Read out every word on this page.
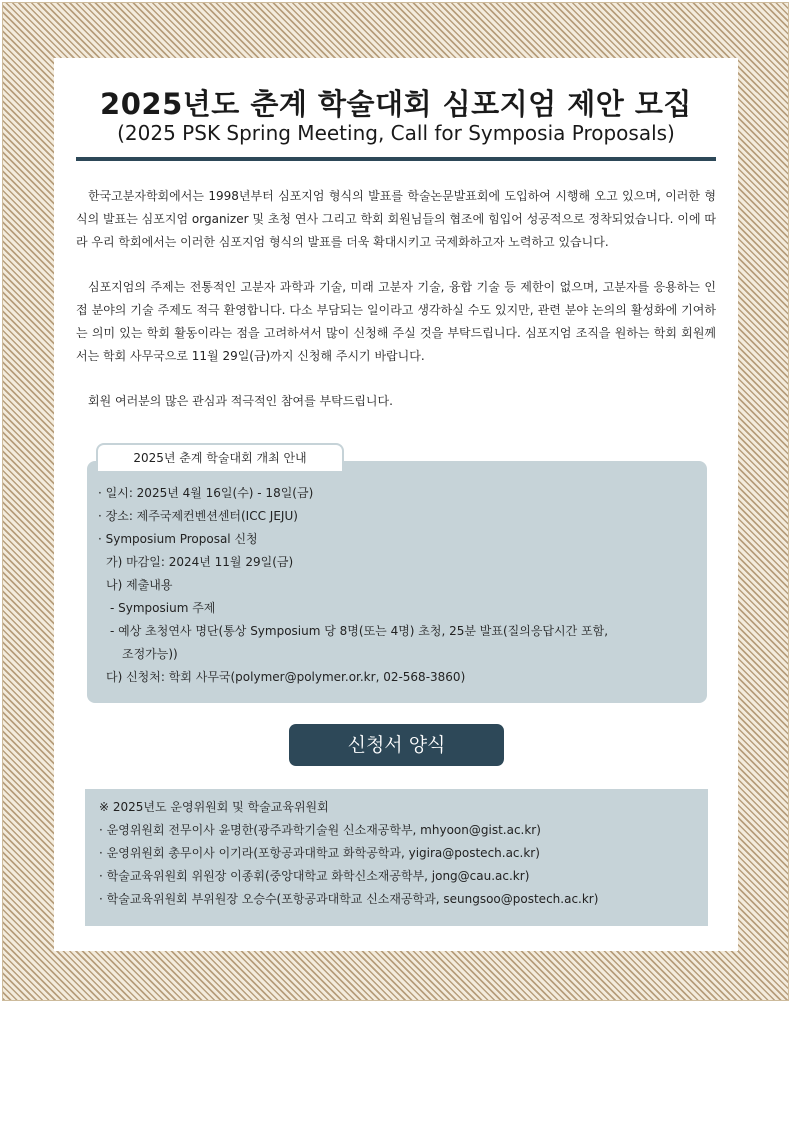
2025년도 춘계 학술대회 심포지엄 제안 모집
(2025 PSK Spring Meeting, Call for Symposia Proposals)

한국고분자학회에서는 1998년부터 심포지엄 형식의 발표를 학술논문발표회에 도입하여 시행해 오고 있으며, 이러한 형식의 발표는 심포지엄 organizer 및 초청 연사 그리고 학회 회원님들의 협조에 힘입어 성공적으로 정착되었습니다. 이에 따라 우리 학회에서는 이러한 심포지엄 형식의 발표를 더욱 확대시키고 국제화하고자 노력하고 있습니다.

심포지엄의 주제는 전통적인 고분자 과학과 기술, 미래 고분자 기술, 융합 기술 등 제한이 없으며, 고분자를 응용하는 인접 분야의 기술 주제도 적극 환영합니다. 다소 부담되는 일이라고 생각하실 수도 있지만, 관련 분야 논의의 활성화에 기여하는 의미 있는 학회 활동이라는 점을 고려하셔서 많이 신청해 주실 것을 부탁드립니다. 심포지엄 조직을 원하는 학회 회원께서는 학회 사무국으로 11월 29일(금)까지 신청해 주시기 바랍니다.

회원 여러분의 많은 관심과 적극적인 참여를 부탁드립니다.
2025년 춘계 학술대회 개최 안내
· 일시: 2025년 4월 16일(수) - 18일(금)
· 장소: 제주국제컨벤션센터(ICC JEJU)
· Symposium Proposal 신청
가) 마감일: 2024년 11월 29일(금)
나) 제출내용
- Symposium 주제
- 예상 초청연사 명단(통상 Symposium 당 8명(또는 4명) 초청, 25분 발표(질의응답시간 포함,
조정가능))
다) 신청처: 학회 사무국(polymer@polymer.or.kr, 02-568-3860)
신청서 양식
※ 2025년도 운영위원회 및 학술교육위원회
· 운영위원회 전무이사 윤명한(광주과학기술원 신소재공학부, mhyoon@gist.ac.kr)
· 운영위원회 총무이사 이기라(포항공과대학교 화학공학과, yigira@postech.ac.kr)
· 학술교육위원회 위원장 이종휘(중앙대학교 화학신소재공학부, jong@cau.ac.kr)
· 학술교육위원회 부위원장 오승수(포항공과대학교 신소재공학과, seungsoo@postech.ac.kr)
